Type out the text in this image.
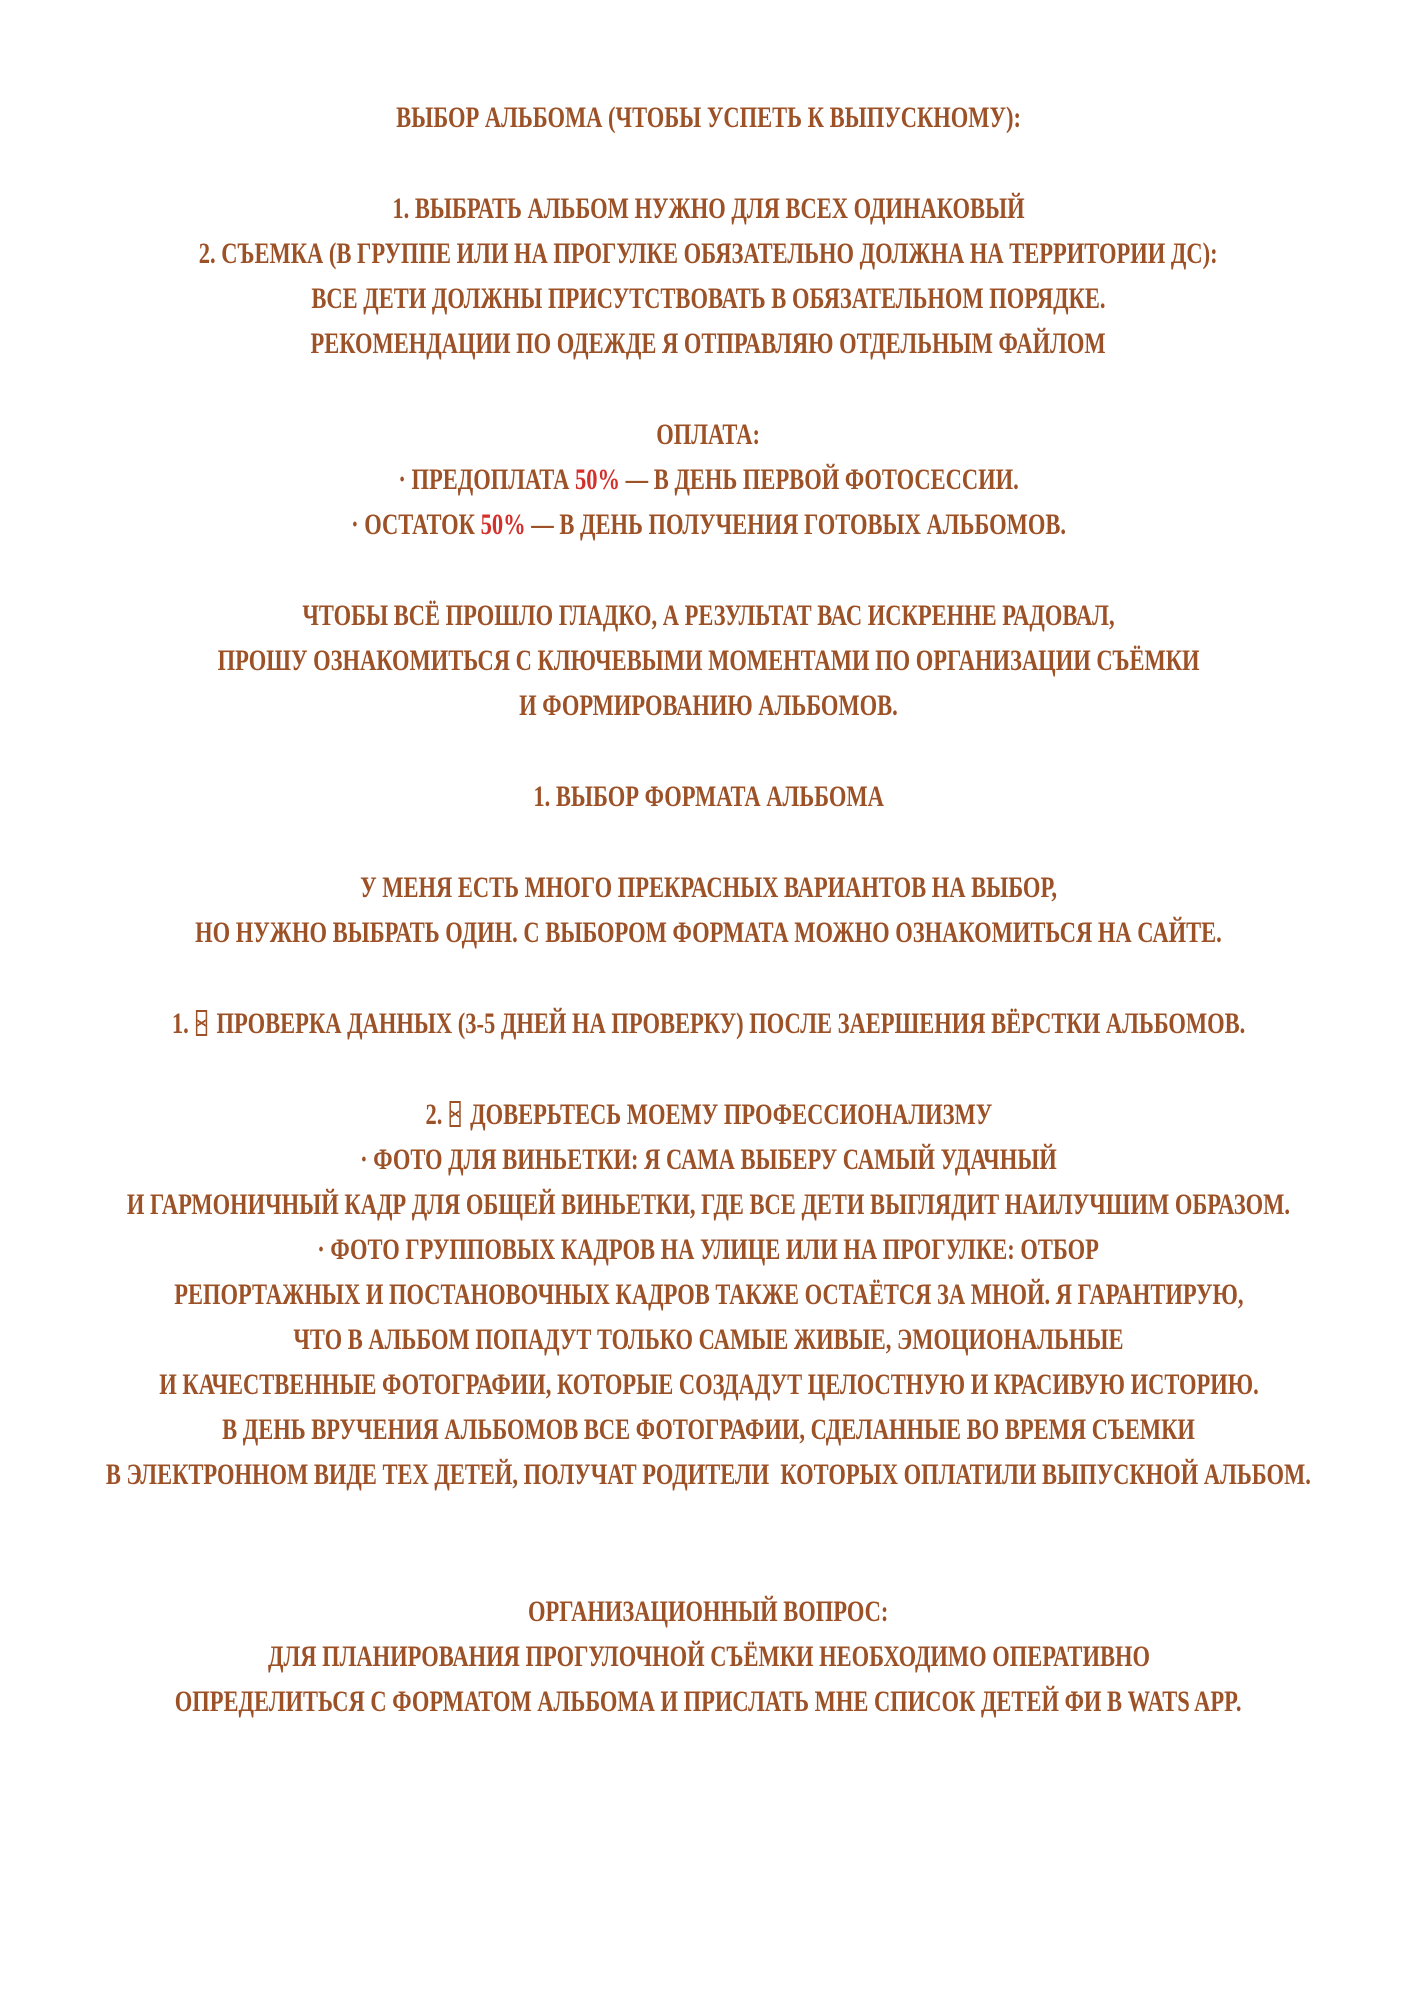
ВЫБОР АЛЬБОМА (ЧТОБЫ УСПЕТЬ К ВЫПУСКНОМУ):
1. ВЫБРАТЬ АЛЬБОМ НУЖНО ДЛЯ ВСЕХ ОДИНАКОВЫЙ
2. СЪЕМКА (В ГРУППЕ ИЛИ НА ПРОГУЛКЕ ОБЯЗАТЕЛЬНО ДОЛЖНА НА ТЕРРИТОРИИ ДС):
ВСЕ ДЕТИ ДОЛЖНЫ ПРИСУТСТВОВАТЬ В ОБЯЗАТЕЛЬНОМ ПОРЯДКЕ.
РЕКОМЕНДАЦИИ ПО ОДЕЖДЕ Я ОТПРАВЛЯЮ ОТДЕЛЬНЫМ ФАЙЛОМ
ОПЛАТА:
· ПРЕДОПЛАТА 50% — В ДЕНЬ ПЕРВОЙ ФОТОСЕССИИ.
· ОСТАТОК 50% — В ДЕНЬ ПОЛУЧЕНИЯ ГОТОВЫХ АЛЬБОМОВ.
ЧТОБЫ ВСЁ ПРОШЛО ГЛАДКО, А РЕЗУЛЬТАТ ВАС ИСКРЕННЕ РАДОВАЛ,
ПРОШУ ОЗНАКОМИТЬСЯ С КЛЮЧЕВЫМИ МОМЕНТАМИ ПО ОРГАНИЗАЦИИ СЪЁМКИ
И ФОРМИРОВАНИЮ АЛЬБОМОВ.
1. ВЫБОР ФОРМАТА АЛЬБОМА
У МЕНЯ ЕСТЬ МНОГО ПРЕКРАСНЫХ ВАРИАНТОВ НА ВЫБОР,
НО НУЖНО ВЫБРАТЬ ОДИН. С ВЫБОРОМ ФОРМАТА МОЖНО ОЗНАКОМИТЬСЯ НА САЙТЕ.
1.  ПРОВЕРКА ДАННЫХ (3-5 ДНЕЙ НА ПРОВЕРКУ) ПОСЛЕ ЗАЕРШЕНИЯ ВЁРСТКИ АЛЬБОМОВ.
2.  ДОВЕРЬТЕСЬ МОЕМУ ПРОФЕССИОНАЛИЗМУ
· ФОТО ДЛЯ ВИНЬЕТКИ: Я САМА ВЫБЕРУ САМЫЙ УДАЧНЫЙ
И ГАРМОНИЧНЫЙ КАДР ДЛЯ ОБЩЕЙ ВИНЬЕТКИ, ГДЕ ВСЕ ДЕТИ ВЫГЛЯДИТ НАИЛУЧШИМ ОБРАЗОМ.
· ФОТО ГРУППОВЫХ КАДРОВ НА УЛИЦЕ ИЛИ НА ПРОГУЛКЕ: ОТБОР
РЕПОРТАЖНЫХ И ПОСТАНОВОЧНЫХ КАДРОВ ТАКЖЕ ОСТАЁТСЯ ЗА МНОЙ. Я ГАРАНТИРУЮ,
ЧТО В АЛЬБОМ ПОПАДУТ ТОЛЬКО САМЫЕ ЖИВЫЕ, ЭМОЦИОНАЛЬНЫЕ
И КАЧЕСТВЕННЫЕ ФОТОГРАФИИ, КОТОРЫЕ СОЗДАДУТ ЦЕЛОСТНУЮ И КРАСИВУЮ ИСТОРИЮ.
В ДЕНЬ ВРУЧЕНИЯ АЛЬБОМОВ ВСЕ ФОТОГРАФИИ, СДЕЛАННЫЕ ВО ВРЕМЯ СЪЕМКИ
В ЭЛЕКТРОННОМ ВИДЕ ТЕХ ДЕТЕЙ, ПОЛУЧАТ РОДИТЕЛИ  КОТОРЫХ ОПЛАТИЛИ ВЫПУСКНОЙ АЛЬБОМ.
ОРГАНИЗАЦИОННЫЙ ВОПРОС:
ДЛЯ ПЛАНИРОВАНИЯ ПРОГУЛОЧНОЙ СЪЁМКИ НЕОБХОДИМО ОПЕРАТИВНО
ОПРЕДЕЛИТЬСЯ С ФОРМАТОМ АЛЬБОМА И ПРИСЛАТЬ МНЕ СПИСОК ДЕТЕЙ ФИ В WATS APP.
